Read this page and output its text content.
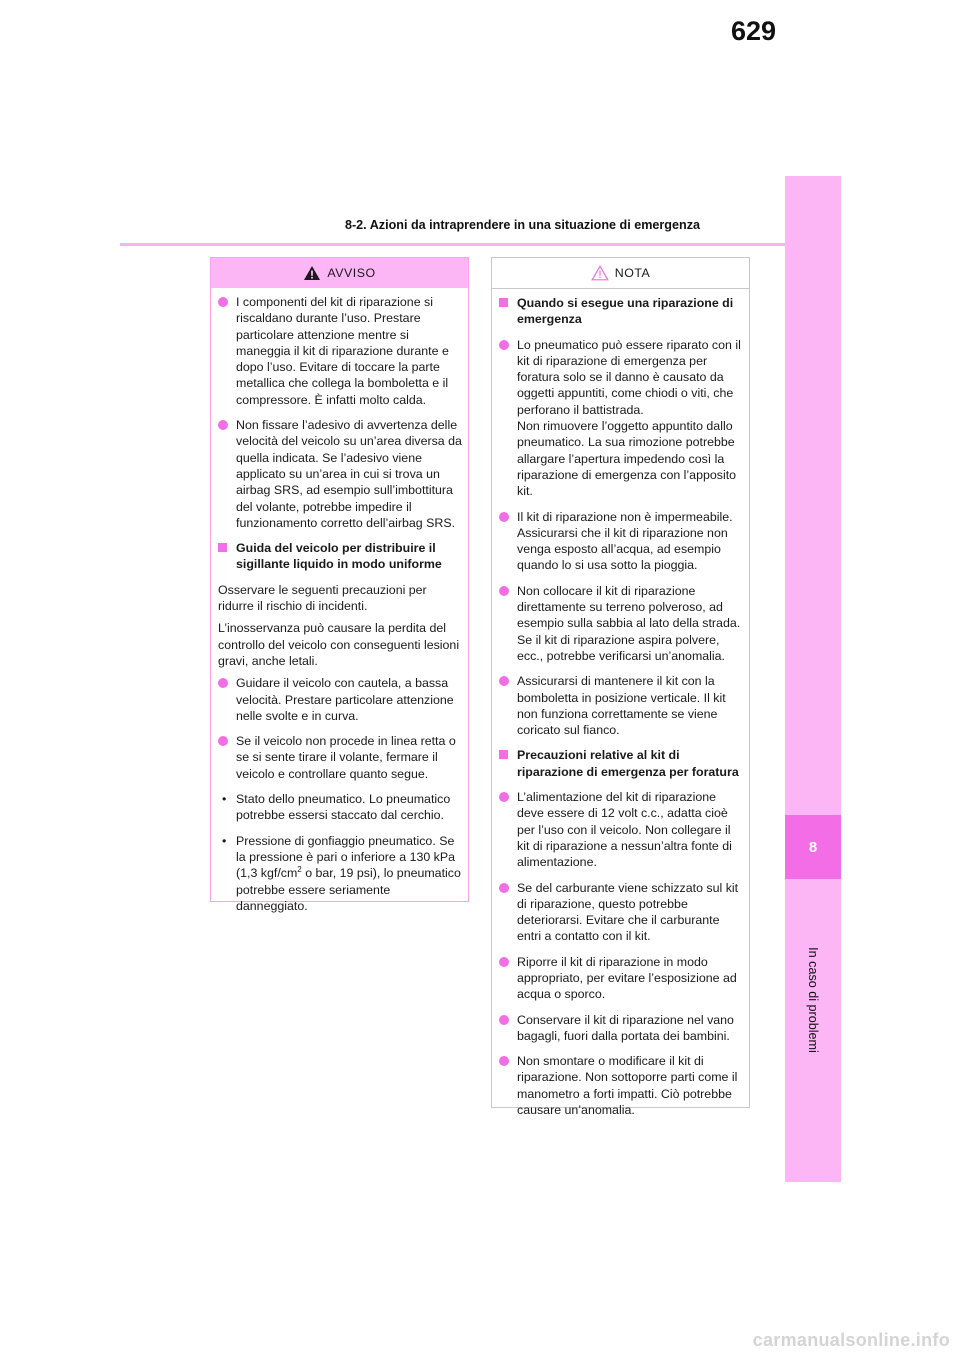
629
8-2. Azioni da intraprendere in una situazione di emergenza
8
In caso di problemi
AVVISO
I componenti del kit di riparazione si riscaldano durante l’uso. Prestare particolare attenzione mentre si maneggia il kit di riparazione durante e dopo l’uso. Evitare di toccare la parte metallica che collega la bomboletta e il compressore. È infatti molto calda.
Non fissare l’adesivo di avvertenza delle velocità del veicolo su un’area diversa da quella indicata. Se l’adesivo viene applicato su un’area in cui si trova un airbag SRS, ad esempio sull’imbottitura del volante, potrebbe impedire il funzionamento corretto dell’airbag SRS.
Guida del veicolo per distribuire il sigillante liquido in modo uniforme
Osservare le seguenti precauzioni per ridurre il rischio di incidenti.
L’inosservanza può causare la perdita del controllo del veicolo con conseguenti lesioni gravi, anche letali.
Guidare il veicolo con cautela, a bassa velocità. Prestare particolare attenzione nelle svolte e in curva.
Se il veicolo non procede in linea retta o se si sente tirare il volante, fermare il veicolo e controllare quanto segue.
• Stato dello pneumatico. Lo pneumatico potrebbe essersi staccato dal cerchio.
• Pressione di gonfiaggio pneumatico. Se la pressione è pari o inferiore a 130 kPa (1,3 kgf/$cm^2$ o bar, 19 psi), lo pneumatico potrebbe essere seriamente danneggiato.
NOTA
Quando si esegue una riparazione di emergenza
Lo pneumatico può essere riparato con il kit di riparazione di emergenza per foratura solo se il danno è causato da oggetti appuntiti, come chiodi o viti, che perforano il battistrada.
Non rimuovere l’oggetto appuntito dallo pneumatico. La sua rimozione potrebbe allargare l’apertura impedendo così la riparazione di emergenza con l’apposito kit.
Il kit di riparazione non è impermeabile. Assicurarsi che il kit di riparazione non venga esposto all’acqua, ad esempio quando lo si usa sotto la pioggia.
Non collocare il kit di riparazione direttamente su terreno polveroso, ad esempio sulla sabbia al lato della strada. Se il kit di riparazione aspira polvere, ecc., potrebbe verificarsi un’anomalia.
Assicurarsi di mantenere il kit con la bomboletta in posizione verticale. Il kit non funziona correttamente se viene coricato sul fianco.
Precauzioni relative al kit di riparazione di emergenza per foratura
L’alimentazione del kit di riparazione deve essere di 12 volt c.c., adatta cioè per l’uso con il veicolo. Non collegare il kit di riparazione a nessun’altra fonte di alimentazione.
Se del carburante viene schizzato sul kit di riparazione, questo potrebbe deteriorarsi. Evitare che il carburante entri a contatto con il kit.
Riporre il kit di riparazione in modo appropriato, per evitare l’esposizione ad acqua o sporco.
Conservare il kit di riparazione nel vano bagagli, fuori dalla portata dei bambini.
Non smontare o modificare il kit di riparazione. Non sottoporre parti come il manometro a forti impatti. Ciò potrebbe causare un’anomalia.
carmanualsonline.info
